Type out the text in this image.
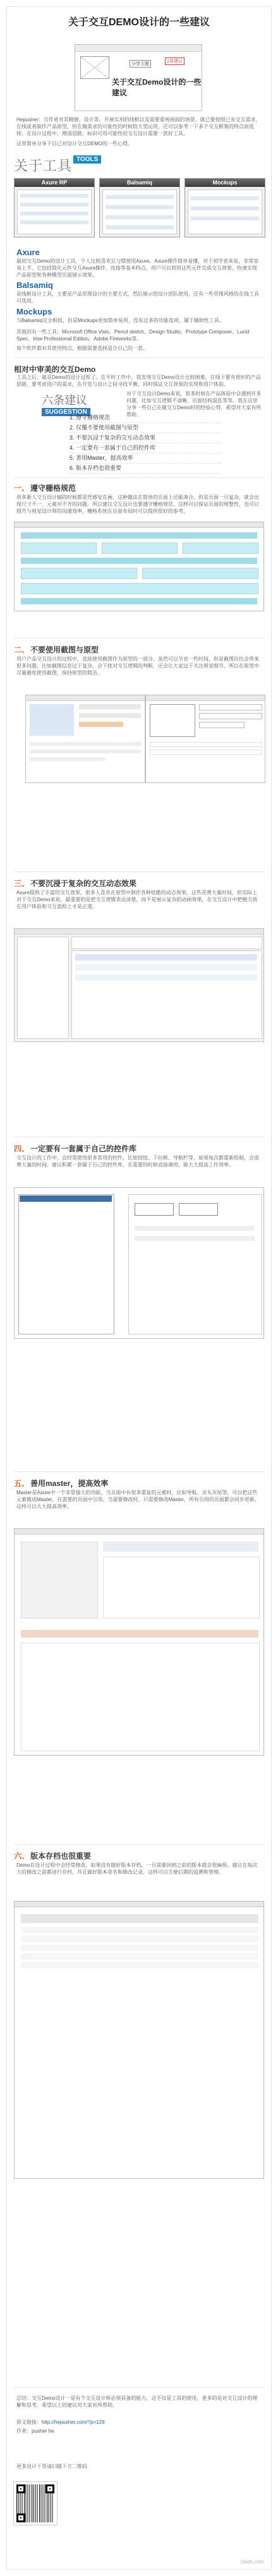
关于交互DEMO设计的一些建议
关于交互Demo设计的一些建议
1景建议
分享主题
Hepusher：当作者对其精修、设计等、开展实用的线框以及需要重视画面的场景，就已要按照已有交互需求，在线或者制作产品原型，但在做需求的可能性的时候较大型运用，还可以参考一下多个交互框架的特点而选择。在设计过程中，理清思路，标识可用可能性的交互设计需要一款好工具。
这里简单分享下自己对设计交互DEMO的一些心得。
关于工具 TOOLS
Axure RP	Balsamiq	Mockups
Axure
最初交互Demo的设计工具，个人比较喜欢且习惯使用Axure。Axure操作简单易懂，对于初学者来说，非常容易上手。它包括简化元件交互Axure操作、连接等基本特点，用户可以利用这些元件完成交互效果，快速实现产品原型和各种模型页面展示效果。
Balsamiq
是线框设计工具，主要是产品草图设计的主要方式，然后展示给设计团队使用，还有一些草图风格的在线工具可选用。
Mockups
与Balsamiq完全相似，但是Mockups更加简单易用，没有过多的功能选项，属于辅助性工具。
其他的有一些工具：Microsoft Office Visio、Pencil sketch、Design Studio、Prototype Composer、Lucid Spec、Irise Professional Edition、Adobe Fireworks等。
每个软件都有其使用特点，根据需要选择适合自己的一款。
相对中审美的交互Demo
工具之后，就是Demo的设计过程了。在平时工作中，我发现交互Demo设计比较困难，在线下要有很好的产品思路，要考虑用户的需求，在开发与设计之间寻找平衡，同时保证交互效果的实现和用户体验。
对于交互设计Demo来说，很多时候在产品体验中会遇到许多问题，比如交互逻辑不清晰、页面结构混乱等等。我在这里分享一些自己在做交互Demo时的经验心得，希望对大家有所帮助。
六条建议SUGGESTION
1. 遵守栅格规范
2. 仅覆不要使用截图与原型
3. 不要沉浸于复杂的交互动态效果
4. 一定要有一套属于自己的控件库
5. 善用Master，提高效率
6. 版本存档也很重要
一、 遵守栅格规范
很多新人交互设计稿的时候都是凭感觉在画，这种做法在简单的页面上还能凑合，但是页面一旦复杂，就会出现尺寸不一、元素对不齐的问题。所以建议交互设计也要遵守栅格规范，这样可以保证页面的规整性，也可以提升与视觉设计师的沟通效率。栅格系统在页面布局时可以提供很好的参考。
二、 不要使用截图与原型
用户产品交互设计的过程中，直接使用截图作为原型的一部分，虽然可以节省一些时间，但是截图往往会带来很多问题，比如截图信息过于复杂，会干扰对交互逻辑的判断，还会让大家过于关注视觉细节。所以在原型中尽量避免使用截图，保持原型的简洁。
三、 不要沉浸于复杂的交互动态效果
Axure提供了丰富的交互效果，很多人喜欢在原型中制作各种炫酷的动态效果，这些花费大量时间，但实际上对于交互Demo来说，最重要的是把交互逻辑表达清楚，而不是展示复杂的动画效果。在交互设计中把精力放在用户体验和交互流程上才是正道。
四、 一定要有一套属于自己的控件库
交互设计的工作中，会经常使用很多常用的控件，比如按钮、下拉框、导航栏等，如果每次都重新绘制，会浪费大量的时间。建议积累一套属于自己的控件库，在需要的时候直接调用，能大大提高工作效率。
五、 善用master，提高效率
Master是Axure中一个非常强大的功能，当页面中有很多重复的元素时，比如导航、页头页尾等，可以把这些元素做成Master，在需要的页面中引用。当需要修改时，只需要修改Master，所有引用的页面都会同步更新，这样可以大大提高效率。
六、 版本存档也很重要
Demo在设计过程中会经常修改，如果没有做好版本存档，一旦需要回到之前的版本就会很麻烦。建议在每次大的修改之前都进行存档，并且做好版本命名和修改记录，这样可以方便后期的追溯和管理。
总结：交互Demo设计一是有个交互设计师必须具备的能力，这不仅是工具的使用，更多的是对交互设计的理解和思考。希望以上的建议对大家有所帮助。
原文链接：http://hepusher.com/?p=129
作者：pusher he
更多设计干货请扫描下方二维码
Uisdc.com
